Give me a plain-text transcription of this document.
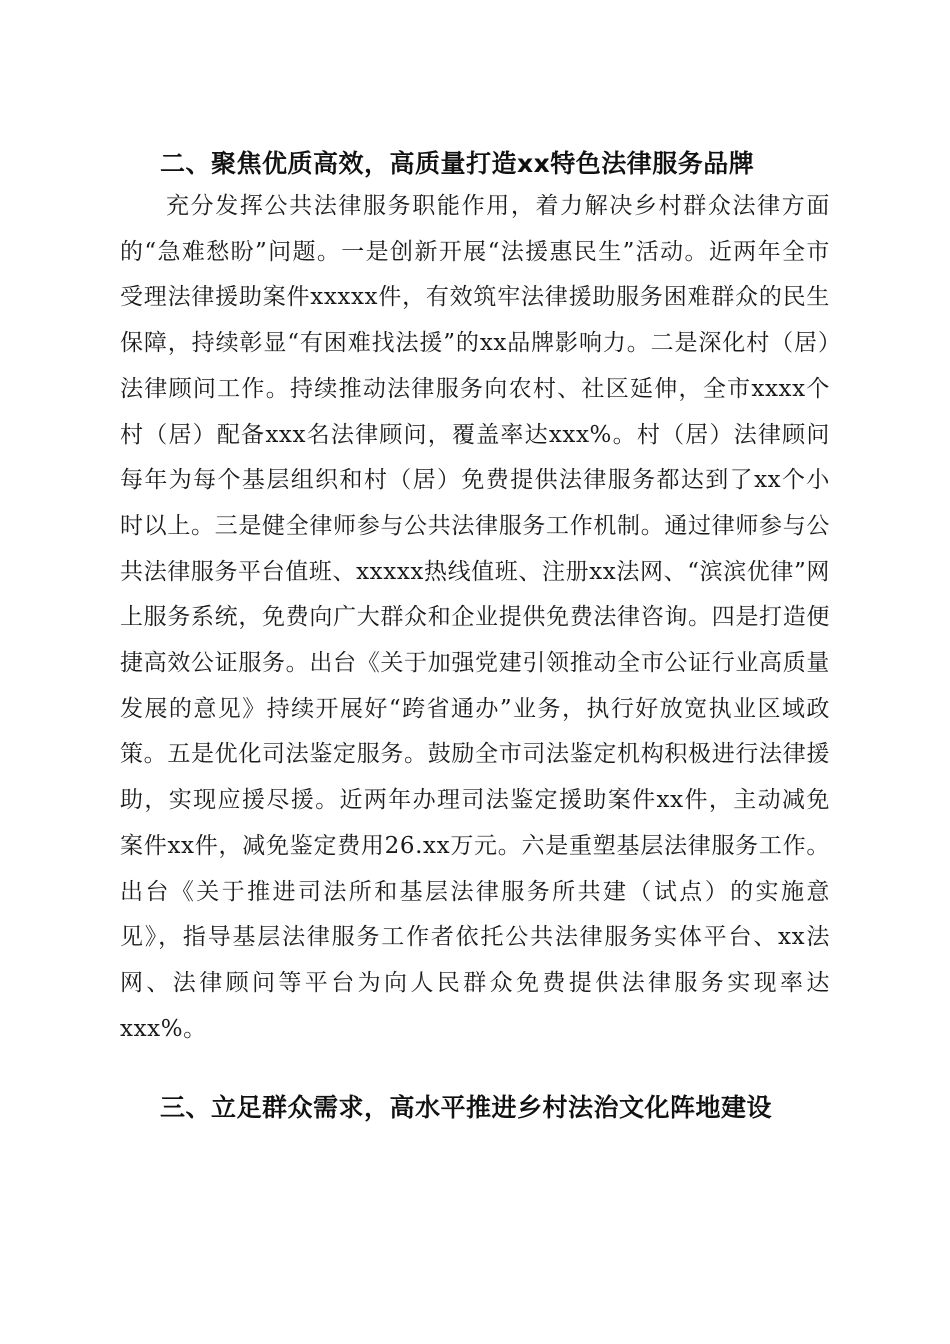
二、聚焦优质高效，高质量打造xx特色法律服务品牌

充分发挥公共法律服务职能作用，着力解决乡村群众法律方面的“急难愁盼”问题。一是创新开展“法援惠民生”活动。近两年全市受理法律援助案件xxxxx件，有效筑牢法律援助服务困难群众的民生保障，持续彰显“有困难找法援”的xx品牌影响力。二是深化村（居）法律顾问工作。持续推动法律服务向农村、社区延伸，全市xxxx个村（居）配备xxx名法律顾问，覆盖率达xxx%。村（居）法律顾问每年为每个基层组织和村（居）免费提供法律服务都达到了xx个小时以上。三是健全律师参与公共法律服务工作机制。通过律师参与公共法律服务平台值班、xxxxx热线值班、注册xx法网、“滨滨优律”网上服务系统，免费向广大群众和企业提供免费法律咨询。四是打造便捷高效公证服务。出台《关于加强党建引领推动全市公证行业高质量发展的意见》持续开展好“跨省通办”业务，执行好放宽执业区域政策。五是优化司法鉴定服务。鼓励全市司法鉴定机构积极进行法律援助，实现应援尽援。近两年办理司法鉴定援助案件xx件，主动减免案件xx件，减免鉴定费用26.xx万元。六是重塑基层法律服务工作。出台《关于推进司法所和基层法律服务所共建（试点）的实施意见》，指导基层法律服务工作者依托公共法律服务实体平台、xx法网、法律顾问等平台为向人民群众免费提供法律服务实现率达xxx%。

三、立足群众需求，高水平推进乡村法治文化阵地建设
